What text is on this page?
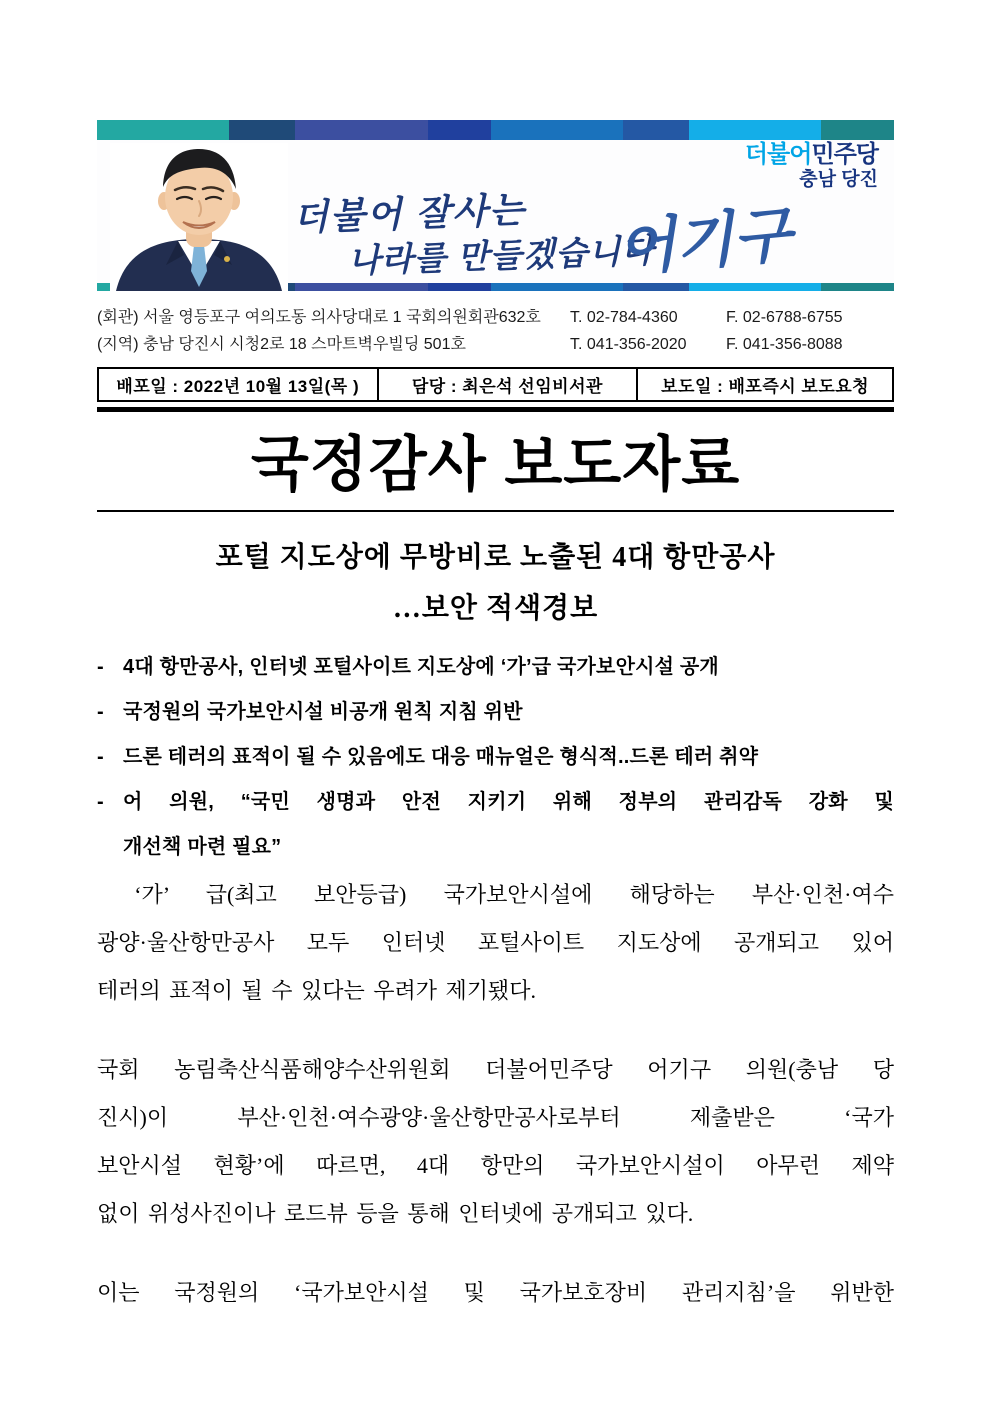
더불어 잘사는
나라를 만들겠습니다
어기구
더불어민주당
충남 당진
(회관) 서울 영등포구 여의도동 의사당대로 1 국회의원회관632호 T. 02-784-4360	F. 02-6788-6755
(지역) 충남 당진시 시청2로 18 스마트벽우빌딩 501호	T. 041-356-2020 F. 041-356-8088
배포일 : 2022년 10월 13일(목 )	담당 : 최은석 선임비서관	보도일 : 배포즉시 보도요청
국정감사 보도자료
포털 지도상에 무방비로 노출된 4대 항만공사
…보안 적색경보
- 4대 항만공사, 인터넷 포털사이트 지도상에 ‘가’급 국가보안시설 공개
- 국정원의 국가보안시설 비공개 원칙 지침 위반
- 드론 테러의 표적이 될 수 있음에도 대응 매뉴얼은 형식적..드론 테러 취약
- 어 의원, “국민 생명과 안전 지키기 위해 정부의 관리감독 강화 및
개선책 마련 필요”
‘가’ 급(최고 보안등급) 국가보안시설에 해당하는 부산·인천·여수
광양·울산항만공사 모두 인터넷 포털사이트 지도상에 공개되고 있어
테러의 표적이 될 수 있다는 우려가 제기됐다.
국회 농림축산식품해양수산위원회 더불어민주당 어기구 의원(충남 당
진시)이 부산·인천·여수광양·울산항만공사로부터 제출받은 ‘국가
보안시설 현황’에 따르면, 4대 항만의 국가보안시설이 아무런 제약
없이 위성사진이나 로드뷰 등을 통해 인터넷에 공개되고 있다.
이는 국정원의 ‘국가보안시설 및 국가보호장비 관리지침’을 위반한
